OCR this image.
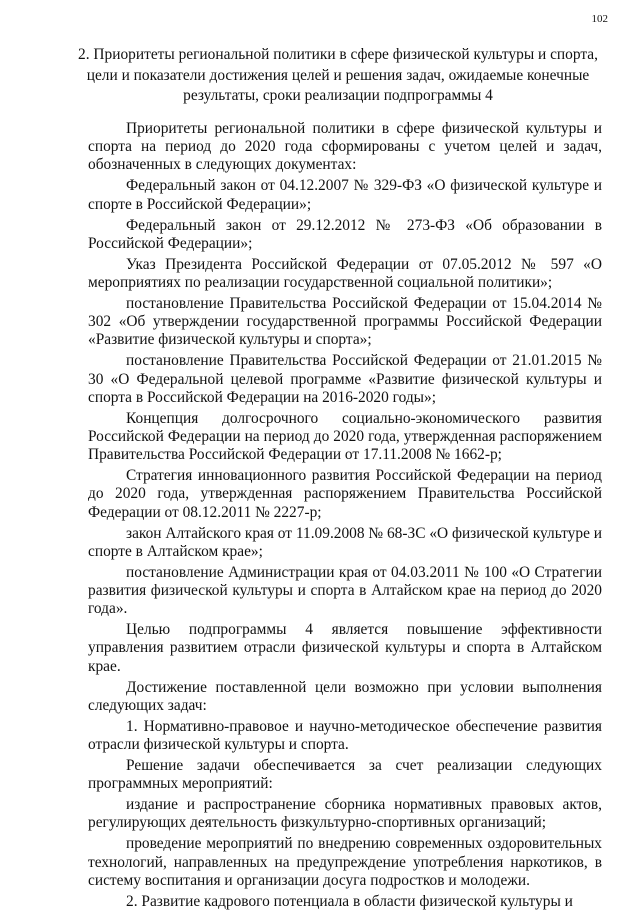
102
2. Приоритеты региональной политики в сфере физической культуры и спорта, цели и показатели достижения целей и решения задач, ожидаемые конечные результаты, сроки реализации подпрограммы 4

Приоритеты региональной политики в сфере физической культуры и спорта на период до 2020 года сформированы с учетом целей и задач, обозначенных в следующих документах:

Федеральный закон от 04.12.2007 № 329-ФЗ «О физической культуре и спорте в Российской Федерации»;

Федеральный закон от 29.12.2012 № 273-ФЗ «Об образовании в Российской Федерации»;

Указ Президента Российской Федерации от 07.05.2012 № 597 «О мероприятиях по реализации государственной социальной политики»;

постановление Правительства Российской Федерации от 15.04.2014 № 302 «Об утверждении государственной программы Российской Федерации «Развитие физической культуры и спорта»;

постановление Правительства Российской Федерации от 21.01.2015 № 30 «О Федеральной целевой программе «Развитие физической культуры и спорта в Российской Федерации на 2016-2020 годы»;

Концепция долгосрочного социально-экономического развития Российской Федерации на период до 2020 года, утвержденная распоряжением Правительства Российской Федерации от 17.11.2008 № 1662-р;

Стратегия инновационного развития Российской Федерации на период до 2020 года, утвержденная распоряжением Правительства Российской Федерации от 08.12.2011 № 2227-р;

закон Алтайского края от 11.09.2008 № 68-ЗС «О физической культуре и спорте в Алтайском крае»;

постановление Администрации края от 04.03.2011 № 100 «О Стратегии развития физической культуры и спорта в Алтайском крае на период до 2020 года».

Целью подпрограммы 4 является повышение эффективности управления развитием отрасли физической культуры и спорта в Алтайском крае.

Достижение поставленной цели возможно при условии выполнения следующих задач:

1. Нормативно-правовое и научно-методическое обеспечение развития отрасли физической культуры и спорта.

Решение задачи обеспечивается за счет реализации следующих программных мероприятий:

издание и распространение сборника нормативных правовых актов, регулирующих деятельность физкультурно-спортивных организаций;

проведение мероприятий по внедрению современных оздоровительных технологий, направленных на предупреждение употребления наркотиков, в систему воспитания и организации досуга подростков и молодежи.

2. Развитие кадрового потенциала в области физической культуры и
